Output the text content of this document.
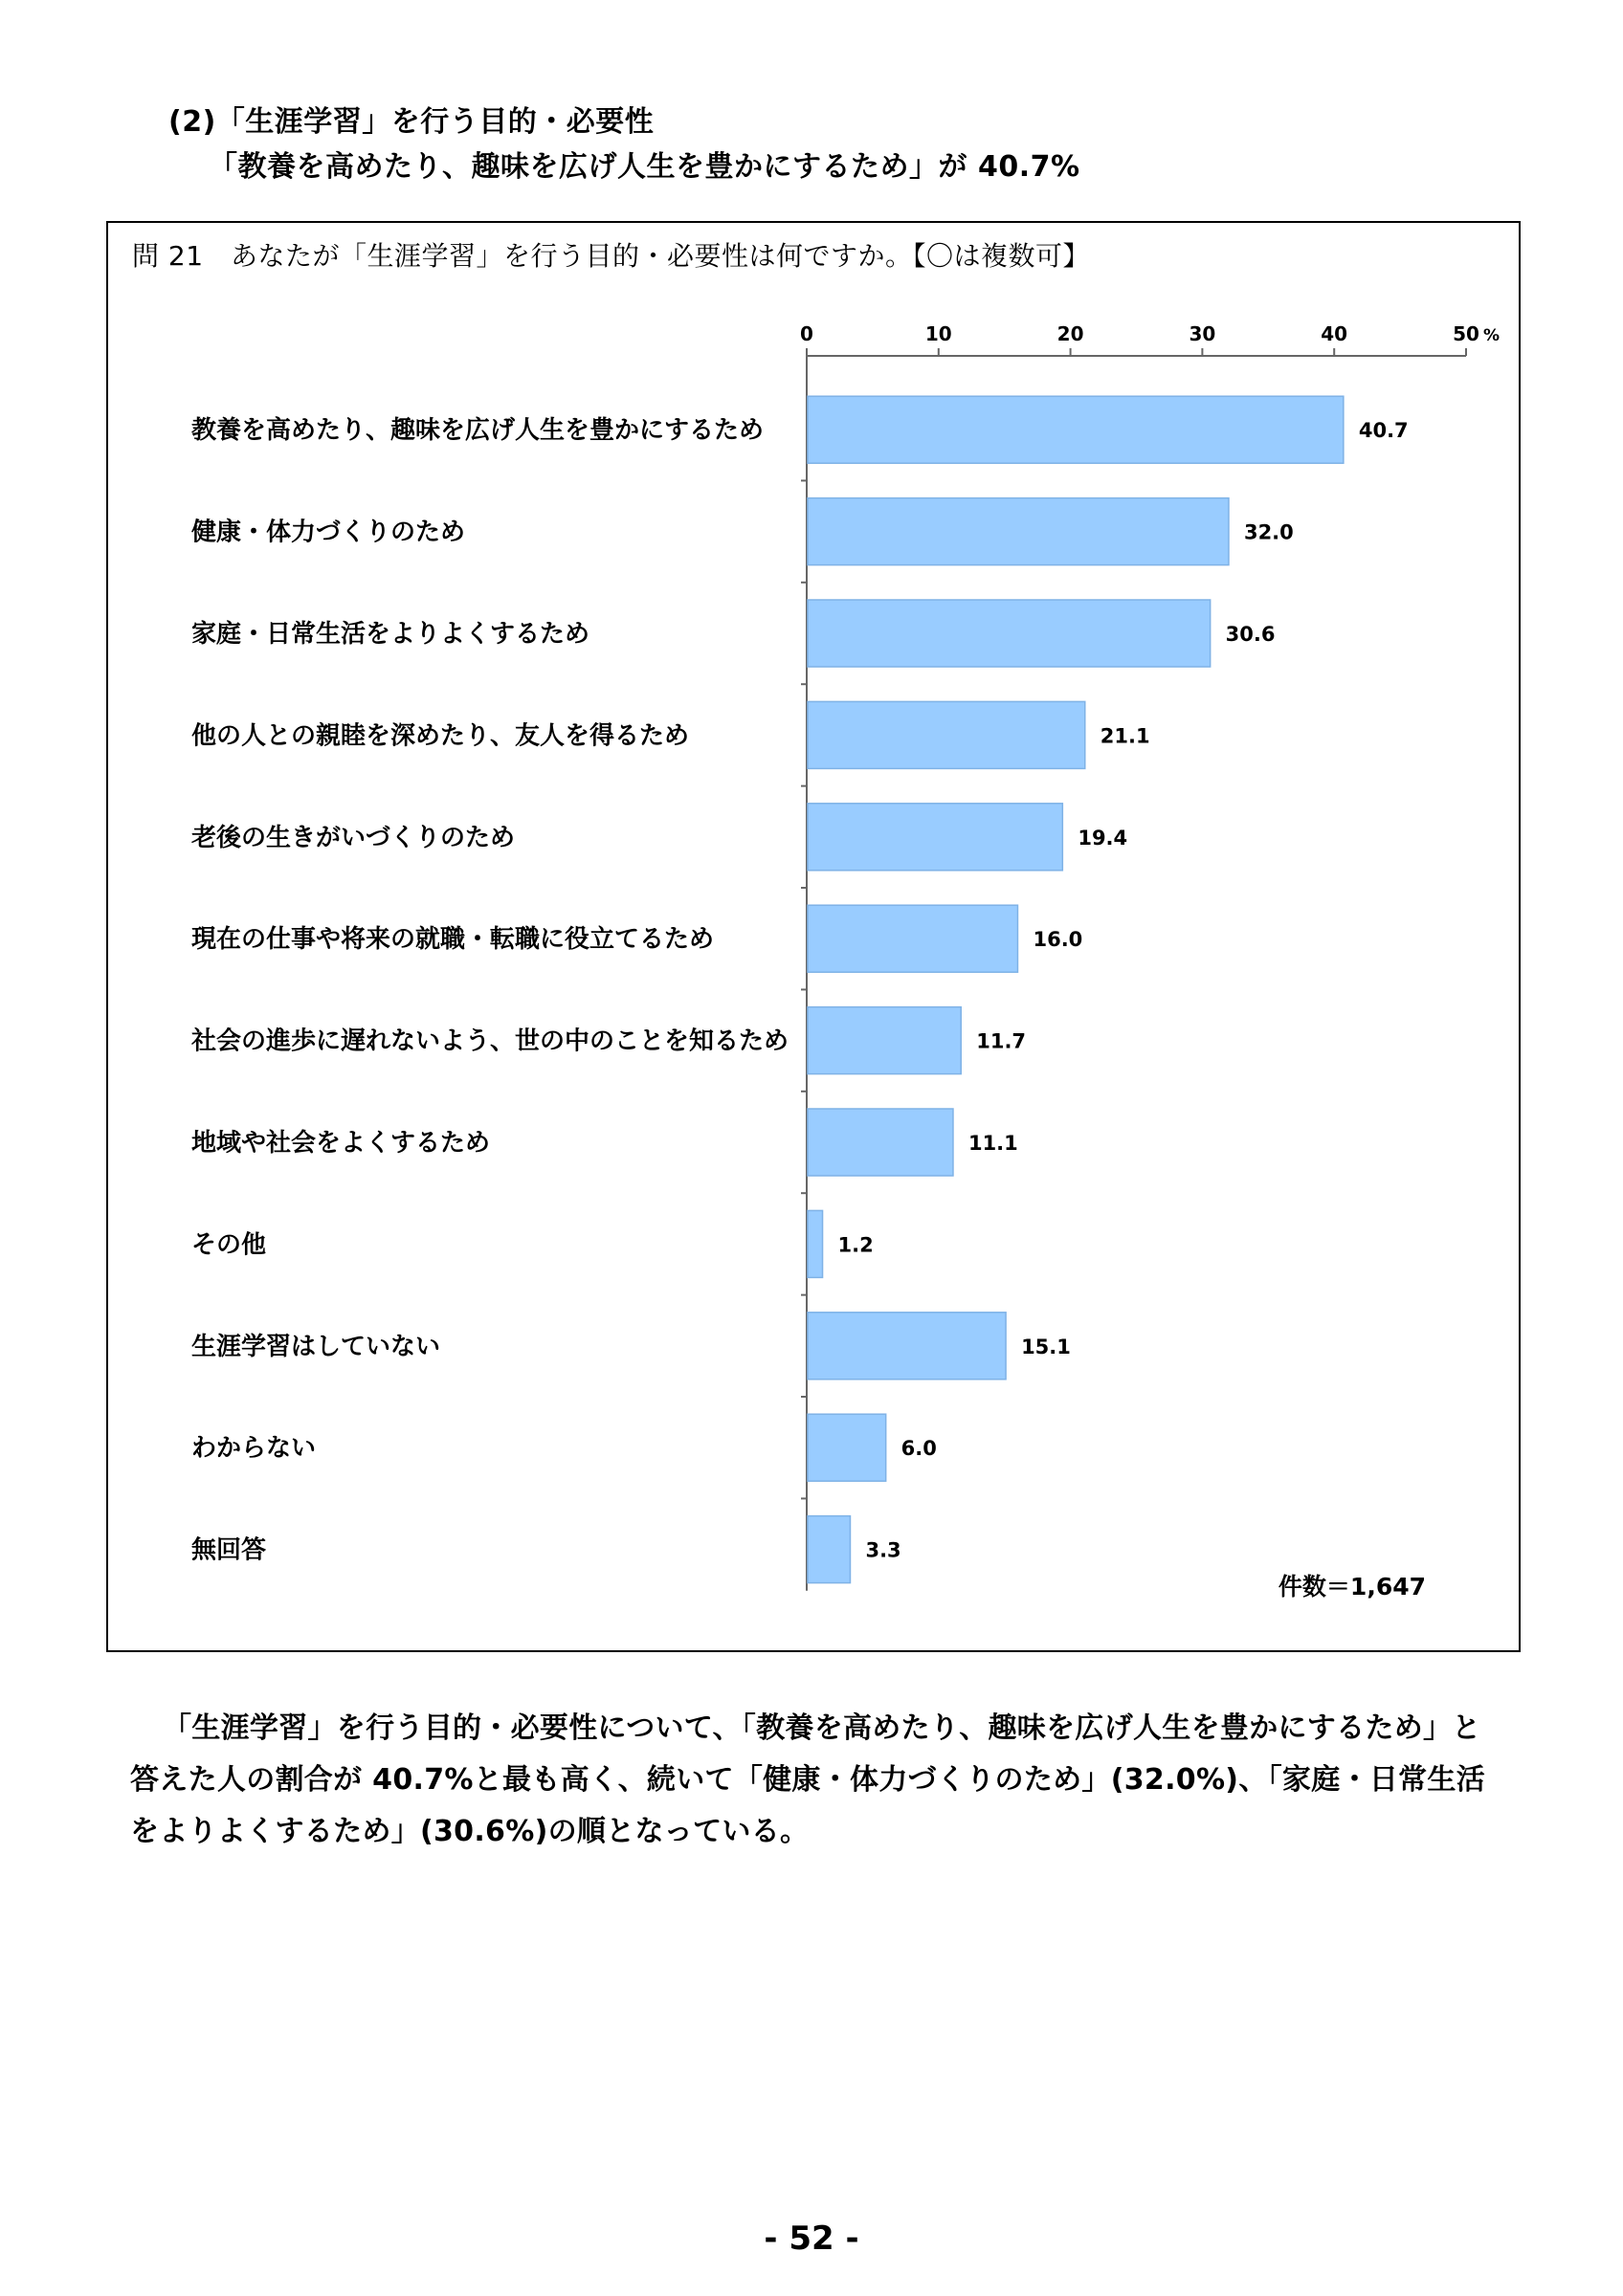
(2)「生涯学習」を行う目的・必要性
「教養を高めたり、趣味を広げ人生を豊かにするため」が 40.7%
問 21　あなたが「生涯学習」を行う目的・必要性は何ですか。【〇は複数可】
0	10	20	30	40	50 %
教養を高めたり、趣味を広げ人生を豊かにするため	40.7
健康・体力づくりのため	32.0
家庭・日常生活をよりよくするため	30.6
他の人との親睦を深めたり、友人を得るため	21.1
老後の生きがいづくりのため	19.4
現在の仕事や将来の就職・転職に役立てるため	16.0
社会の進歩に遅れないよう、世の中のことを知るため	11.7
地域や社会をよくするため	11.1
その他	1.2
生涯学習はしていない	15.1
わからない	6.0
無回答	3.3
件数＝1,647

「生涯学習」を行う目的・必要性について、「教養を高めたり、趣味を広げ人生を豊かにするため」と答えた人の割合が 40.7%と最も高く、続いて「健康・体力づくりのため」(32.0%)、「家庭・日常生活をよりよくするため」(30.6%)の順となっている。

- 52 -
